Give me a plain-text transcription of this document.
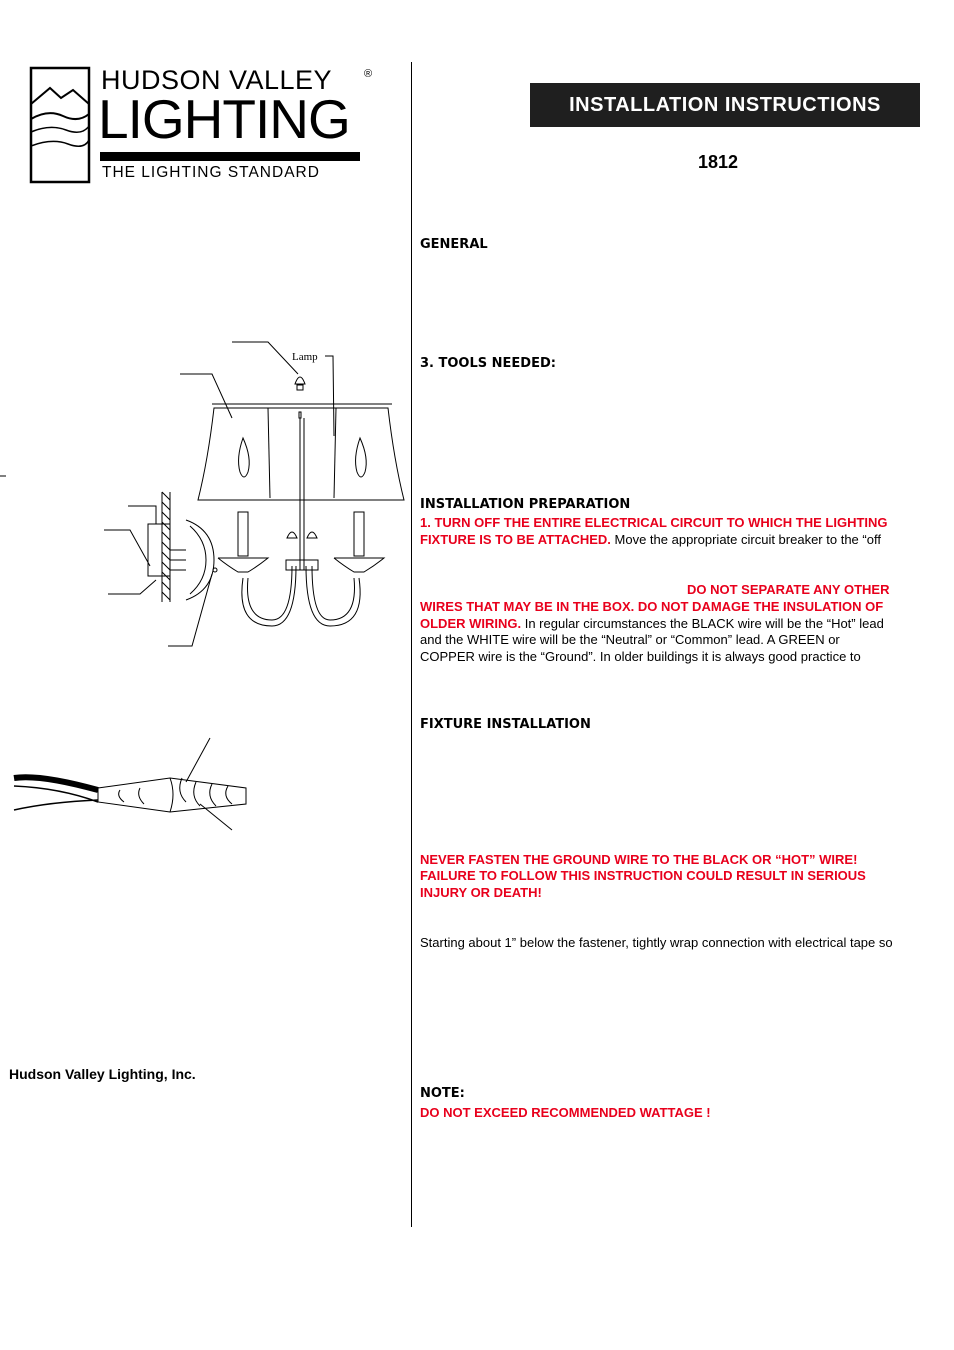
HUDSON VALLEY	®
LIGHTING
THE LIGHTING STANDARD
INSTALLATION INSTRUCTIONS
1812
Lamp
GENERAL
3. TOOLS NEEDED:
INSTALLATION PREPARATION
1. TURN OFF THE ENTIRE ELECTRICAL CIRCUIT TO WHICH THE LIGHTING
FIXTURE IS TO BE ATTACHED. Move the appropriate circuit breaker to the “off
DO NOT SEPARATE ANY OTHER
WIRES THAT MAY BE IN THE BOX. DO NOT DAMAGE THE INSULATION OF
OLDER WIRING. In regular circumstances the BLACK wire will be the “Hot” lead
and the WHITE wire will be the “Neutral” or “Common” lead. A GREEN or
COPPER wire is the “Ground”. In older buildings it is always good practice to
FIXTURE INSTALLATION
NEVER FASTEN THE GROUND WIRE TO THE BLACK OR “HOT” WIRE!
FAILURE TO FOLLOW THIS INSTRUCTION COULD RESULT IN SERIOUS
INJURY OR DEATH!
Starting about 1” below the fastener, tightly wrap connection with electrical tape so
NOTE:
DO NOT EXCEED RECOMMENDED WATTAGE !
Hudson Valley Lighting, Inc.
